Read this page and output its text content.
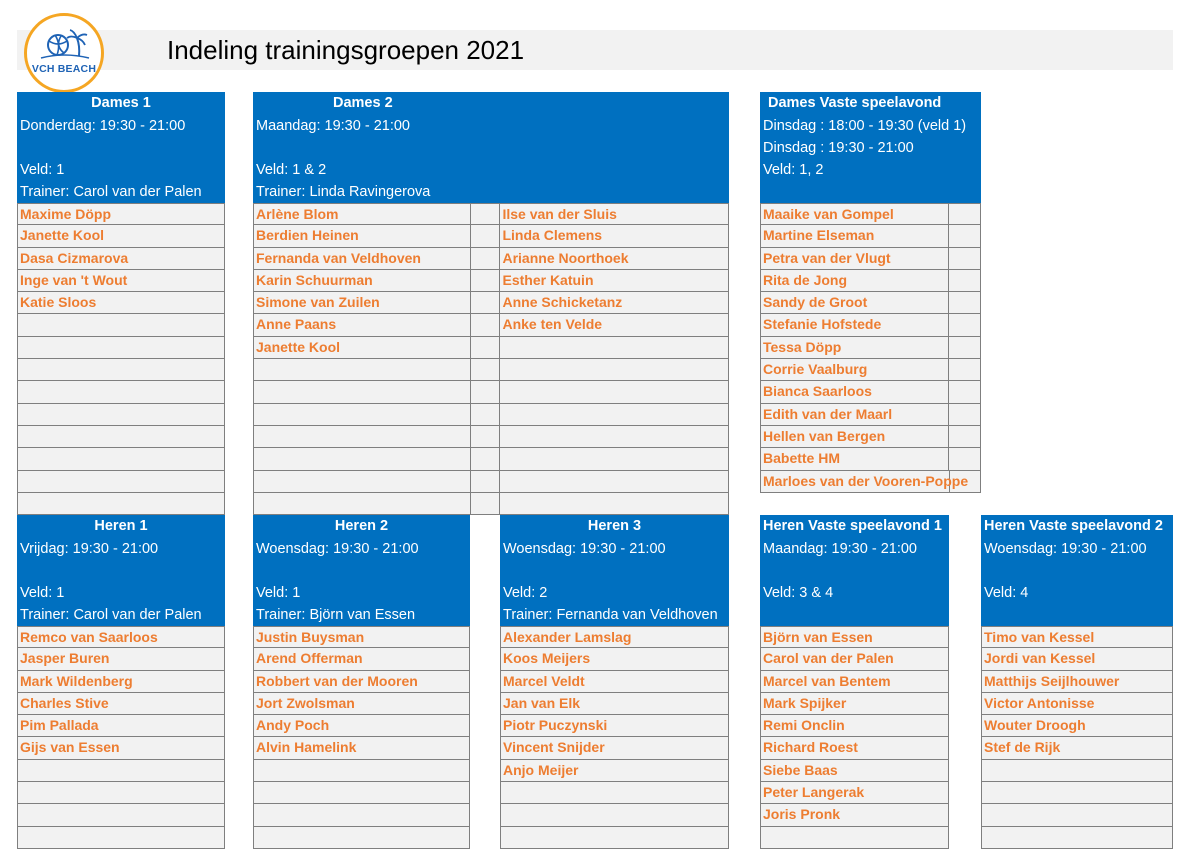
Indeling trainingsgroepen 2021
VCH BEACH
Dames 1
Donderdag: 19:30 - 21:00
Veld: 1
Trainer: Carol van der Palen
Maxime Döpp
Janette Kool
Dasa Cizmarova
Inge van 't Wout
Katie Sloos
Dames 2
Maandag: 19:30 - 21:00
Veld: 1 & 2
Trainer: Linda Ravingerova
Arlène Blom	Ilse van der Sluis
Berdien Heinen	Linda Clemens
Fernanda van Veldhoven	Arianne Noorthoek
Karin Schuurman	Esther Katuin
Simone van Zuilen	Anne Schicketanz
Anne Paans	Anke ten Velde
Janette Kool
Dames Vaste speelavond
Dinsdag : 18:00 - 19:30 (veld 1)
Dinsdag : 19:30 - 21:00
Veld: 1, 2
Maaike van Gompel
Martine Elseman
Petra van der Vlugt
Rita de Jong
Sandy de Groot
Stefanie Hofstede
Tessa Döpp
Corrie Vaalburg
Bianca Saarloos
Edith van der Maarl
Hellen van Bergen
Babette HM
Marloes van der Vooren-Poppe
Heren 1
Vrijdag: 19:30 - 21:00
Veld: 1
Trainer: Carol van der Palen
Remco van Saarloos
Jasper Buren
Mark Wildenberg
Charles Stive
Pim Pallada
Gijs van Essen
Heren 2
Woensdag: 19:30 - 21:00
Veld: 1
Trainer: Björn van Essen
Justin Buysman
Arend Offerman
Robbert van der Mooren
Jort Zwolsman
Andy Poch
Alvin Hamelink
Heren 3
Woensdag: 19:30 - 21:00
Veld: 2
Trainer: Fernanda van Veldhoven
Alexander Lamslag
Koos Meijers
Marcel Veldt
Jan van Elk
Piotr Puczynski
Vincent Snijder
Anjo Meijer
Heren Vaste speelavond 1
Maandag: 19:30 - 21:00
Veld: 3 & 4
Björn van Essen
Carol van der Palen
Marcel van Bentem
Mark Spijker
Remi Onclin
Richard Roest
Siebe Baas
Peter Langerak
Joris Pronk
Heren Vaste speelavond 2
Woensdag: 19:30 - 21:00
Veld: 4
Timo van Kessel
Jordi van Kessel
Matthijs Seijlhouwer
Victor Antonisse
Wouter Droogh
Stef de Rijk
